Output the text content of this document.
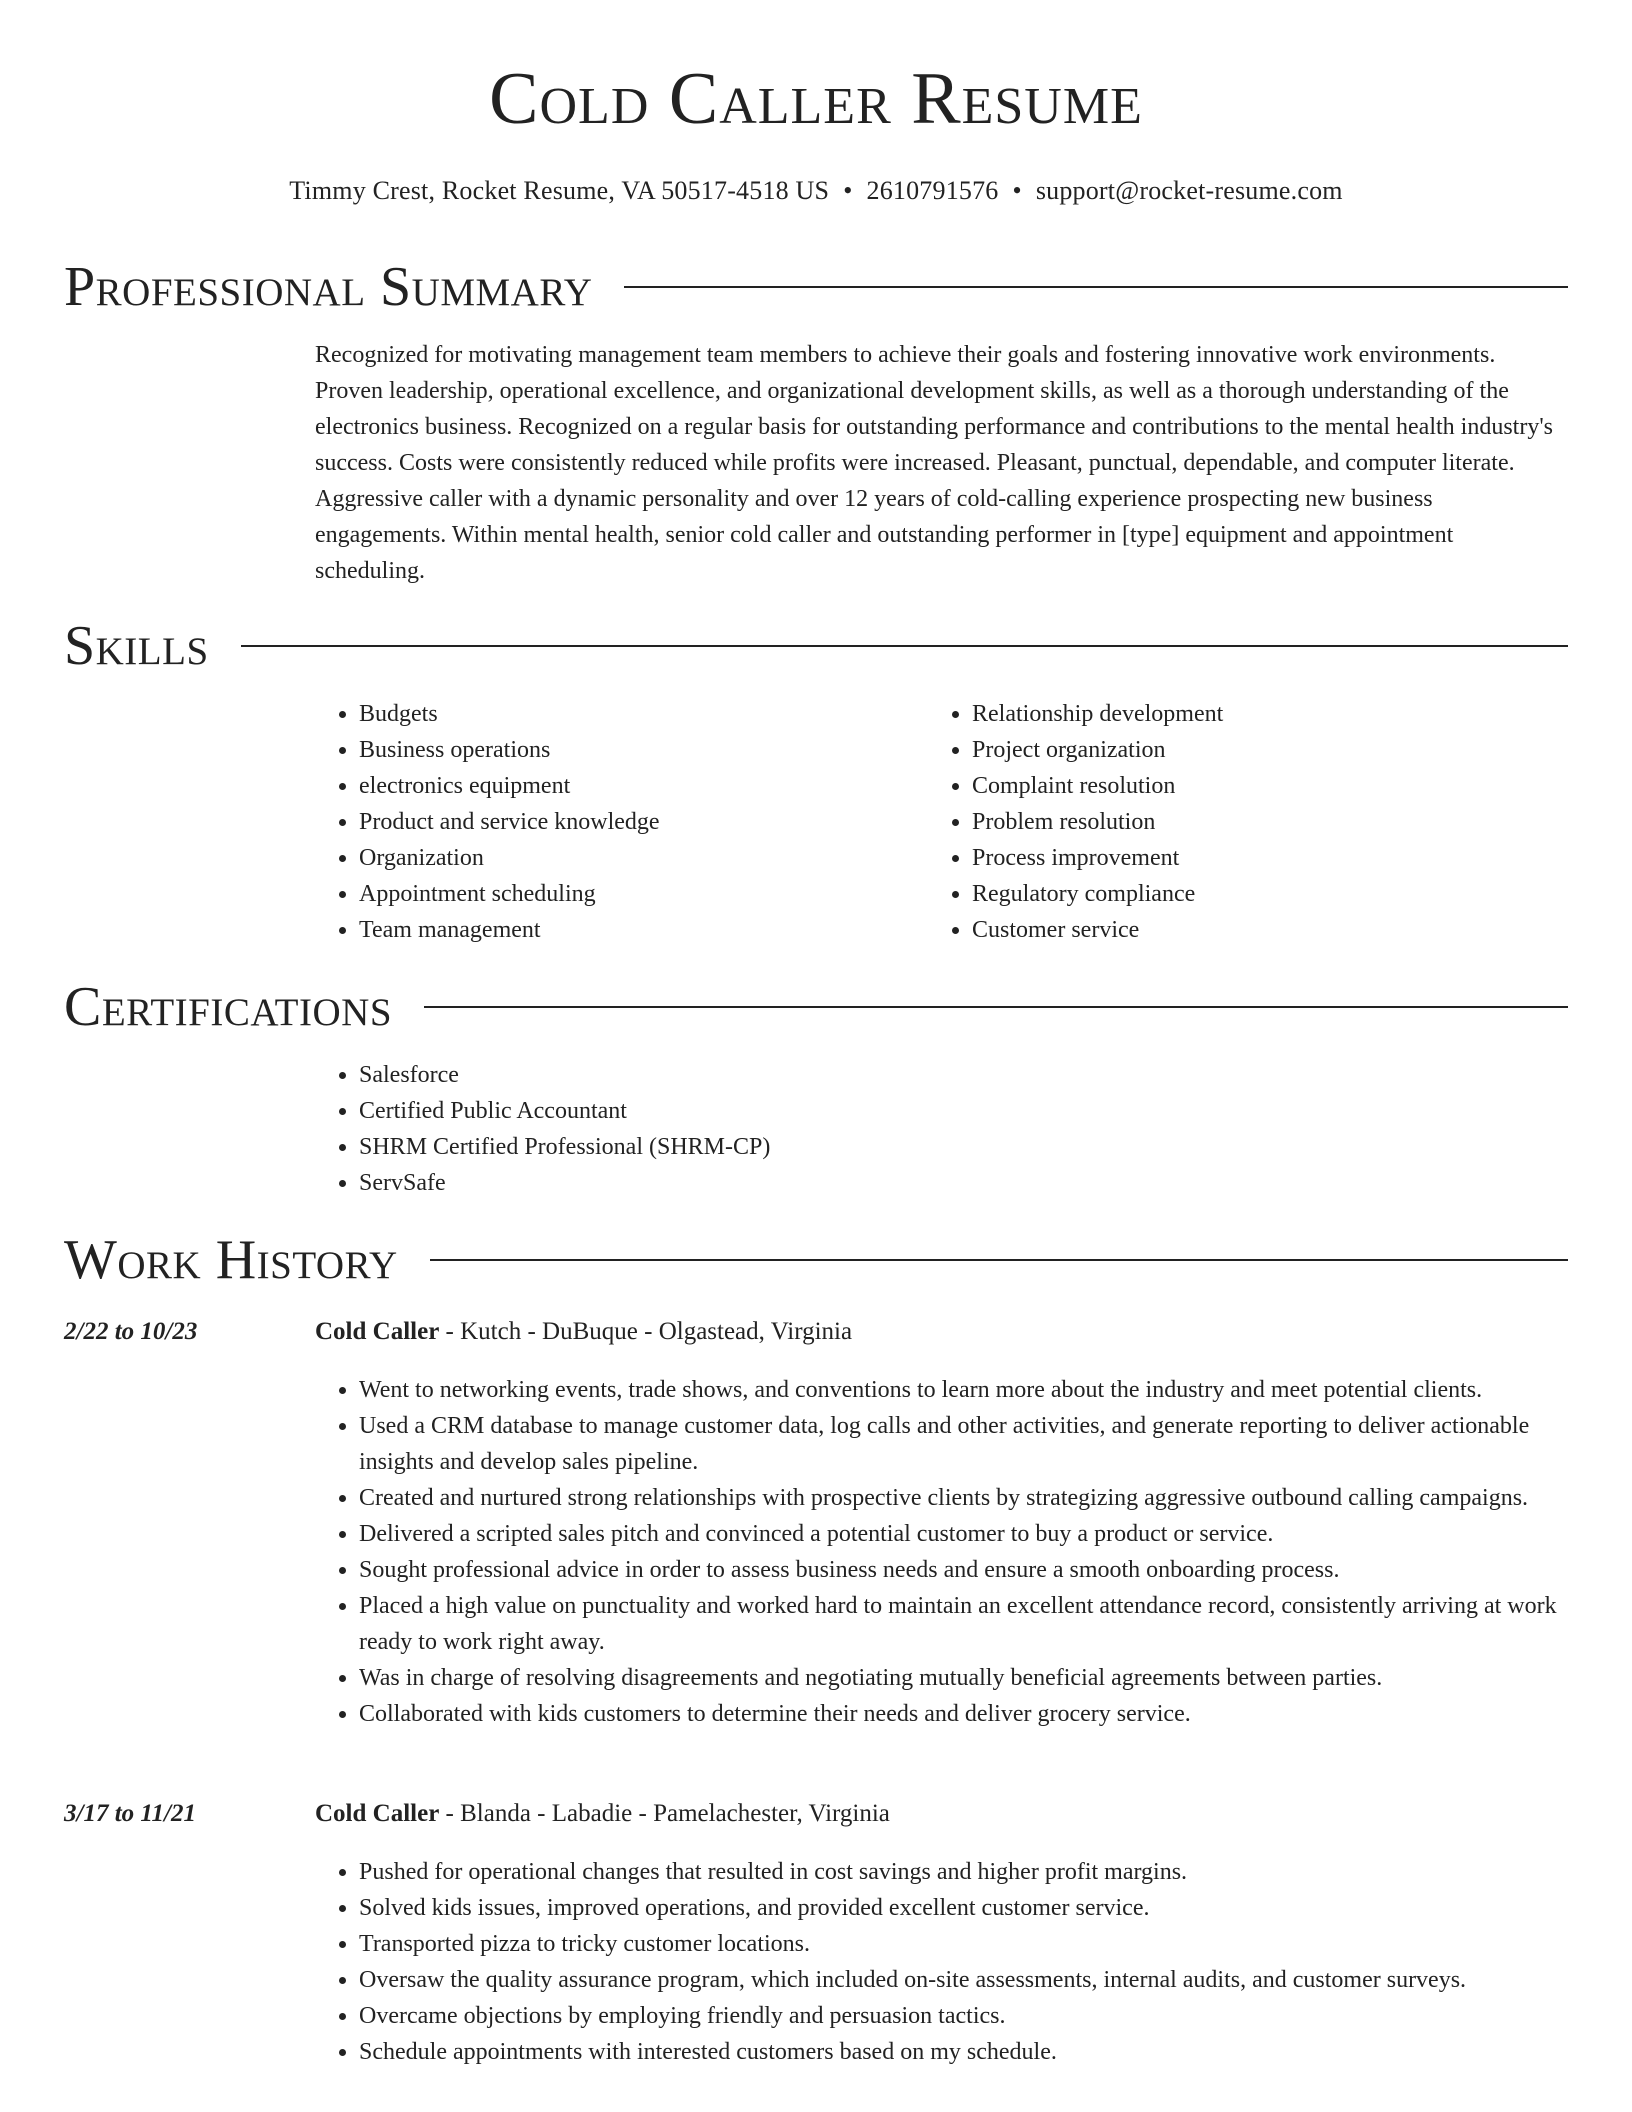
Cold Caller Resume
Timmy Crest, Rocket Resume, VA 50517-4518 US • 2610791576 • support@rocket-resume.com
Professional Summary
Recognized for motivating management team members to achieve their goals and fostering innovative work environments. Proven leadership, operational excellence, and organizational development skills, as well as a thorough understanding of the electronics business. Recognized on a regular basis for outstanding performance and contributions to the mental health industry's success. Costs were consistently reduced while profits were increased. Pleasant, punctual, dependable, and computer literate. Aggressive caller with a dynamic personality and over 12 years of cold-calling experience prospecting new business engagements. Within mental health, senior cold caller and outstanding performer in [type] equipment and appointment scheduling.
Skills
• Budgets
• Business operations
• electronics equipment
• Product and service knowledge
• Organization
• Appointment scheduling
• Team management
• Relationship development
• Project organization
• Complaint resolution
• Problem resolution
• Process improvement
• Regulatory compliance
• Customer service
Certifications
• Salesforce
• Certified Public Accountant
• SHRM Certified Professional (SHRM-CP)
• ServSafe
Work History
2/22 to 10/23	Cold Caller - Kutch - DuBuque - Olgastead, Virginia
• Went to networking events, trade shows, and conventions to learn more about the industry and meet potential clients.
• Used a CRM database to manage customer data, log calls and other activities, and generate reporting to deliver actionable insights and develop sales pipeline.
• Created and nurtured strong relationships with prospective clients by strategizing aggressive outbound calling campaigns.
• Delivered a scripted sales pitch and convinced a potential customer to buy a product or service.
• Sought professional advice in order to assess business needs and ensure a smooth onboarding process.
• Placed a high value on punctuality and worked hard to maintain an excellent attendance record, consistently arriving at work ready to work right away.
• Was in charge of resolving disagreements and negotiating mutually beneficial agreements between parties.
• Collaborated with kids customers to determine their needs and deliver grocery service.
3/17 to 11/21	Cold Caller - Blanda - Labadie - Pamelachester, Virginia
• Pushed for operational changes that resulted in cost savings and higher profit margins.
• Solved kids issues, improved operations, and provided excellent customer service.
• Transported pizza to tricky customer locations.
• Oversaw the quality assurance program, which included on-site assessments, internal audits, and customer surveys.
• Overcame objections by employing friendly and persuasion tactics.
• Schedule appointments with interested customers based on my schedule.
